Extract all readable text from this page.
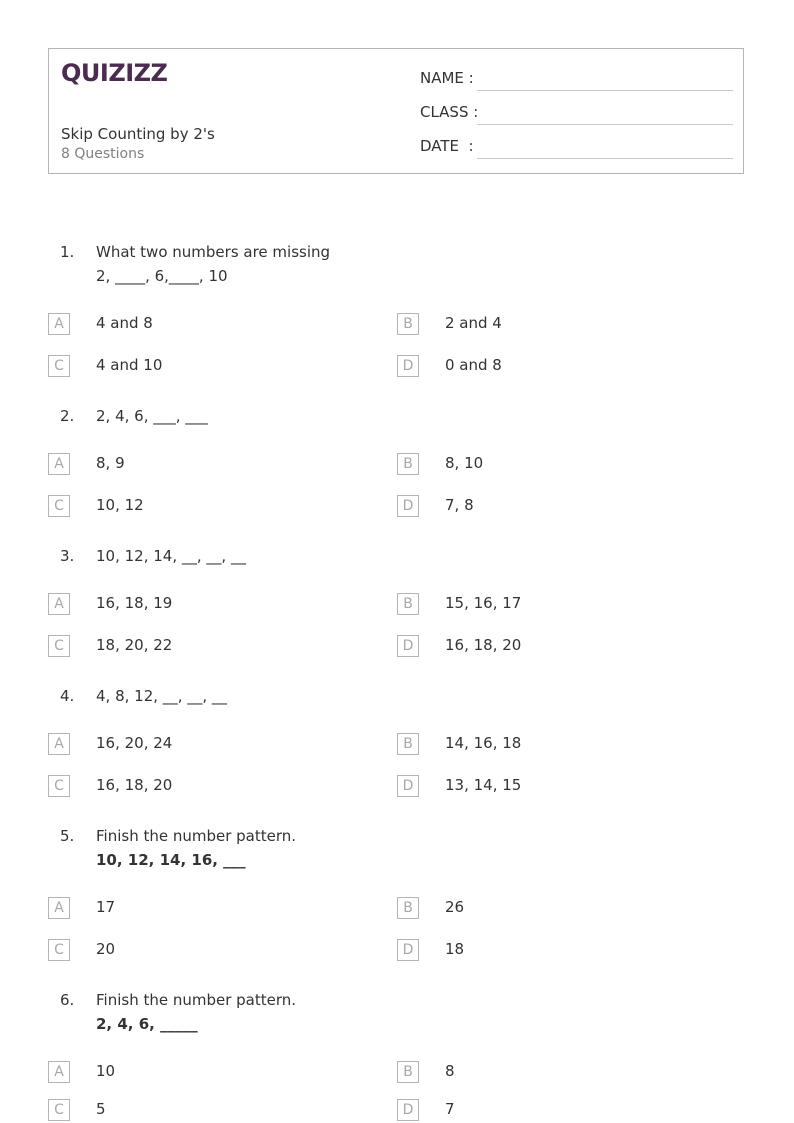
QUIZIZZ
Skip Counting by 2's
8 Questions
NAME :
CLASS :
DATE  :
1. What two numbers are missing
2, ____, 6,____, 10
A	4 and 8	B	2 and 4
C	4 and 10	D	0 and 8
2. 2, 4, 6, ___, ___
A	8, 9	B	8, 10
C	10, 12	D	7, 8
3. 10, 12, 14, __, __, __
A	16, 18, 19	B	15, 16, 17
C	18, 20, 22	D	16, 18, 20
4. 4, 8, 12, __, __, __
A	16, 20, 24	B	14, 16, 18
C	16, 18, 20	D	13, 14, 15
5. Finish the number pattern.
10, 12, 14, 16, ___
A	17	B	26
C	20	D	18
6. Finish the number pattern.
2, 4, 6, _____
A	10	B	8
C	5	D	7
